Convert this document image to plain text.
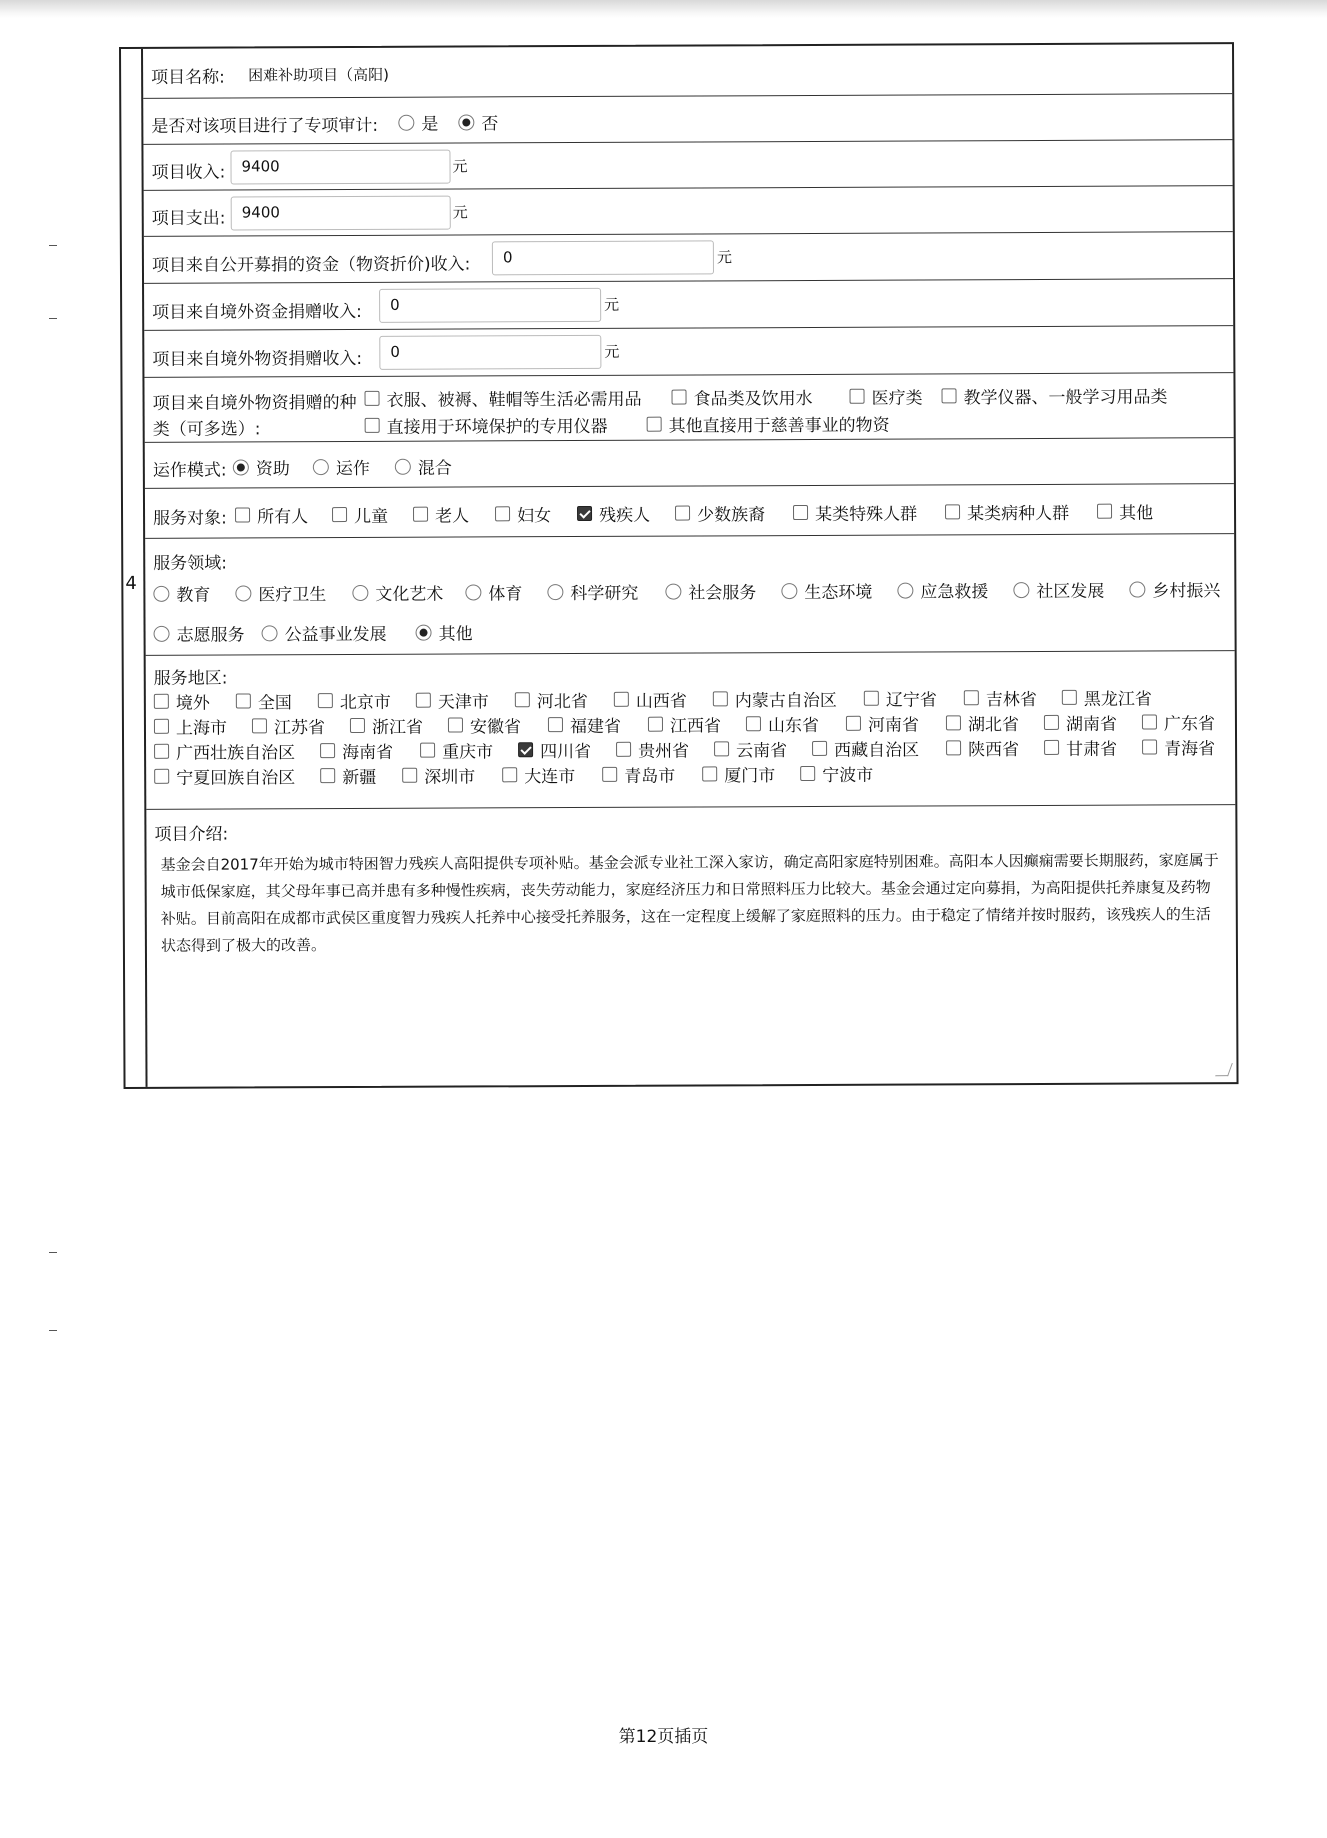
4
项目名称: 困难补助项目（高阳)
是否对该项目进行了专项审计:	是	否
项目收入:	9400	元
项目支出:	9400	元
项目来自公开募捐的资金（物资折价)收入:	0	元
项目来自境外资金捐赠收入:	0	元
项目来自境外物资捐赠收入:	0	元
项目来自境外物资捐赠的种
类（可多选）:
衣服、被褥、鞋帽等生活必需用品	食品类及饮用水	医疗类 教学仪器、一般学习用品类
直接用于环境保护的专用仪器	其他直接用于慈善事业的物资
运作模式: 资助	运作	混合
服务对象: 所有人	儿童	老人	妇女	残疾人	少数族裔	某类特殊人群	某类病种人群	其他
服务领域:
教育	医疗卫生	文化艺术	体育	科学研究	社会服务	生态环境	应急救援	社区发展	乡村振兴
志愿服务 公益事业发展	其他
服务地区:
境外	全国	北京市	天津市	河北省	山西省	内蒙古自治区	辽宁省	吉林省	黑龙江省
上海市	江苏省	浙江省	安徽省	福建省	江西省	山东省	河南省	湖北省	湖南省	广东省
广西壮族自治区	海南省	重庆市	四川省	贵州省	云南省	西藏自治区	陕西省	甘肃省	青海省
宁夏回族自治区	新疆	深圳市	大连市	青岛市	厦门市	宁波市
项目介绍:
基金会自2017年开始为城市特困智力残疾人高阳提供专项补贴。基金会派专业社工深入家访，确定高阳家庭特别困难。高阳本人因癫痫需要长期服药，家庭属于城市低保家庭，其父母年事已高并患有多种慢性疾病，丧失劳动能力，家庭经济压力和日常照料压力比较大。基金会通过定向募捐，为高阳提供托养康复及药物补贴。目前高阳在成都市武侯区重度智力残疾人托养中心接受托养服务，这在一定程度上缓解了家庭照料的压力。由于稳定了情绪并按时服药，该残疾人的生活状态得到了极大的改善。
第12页插页
